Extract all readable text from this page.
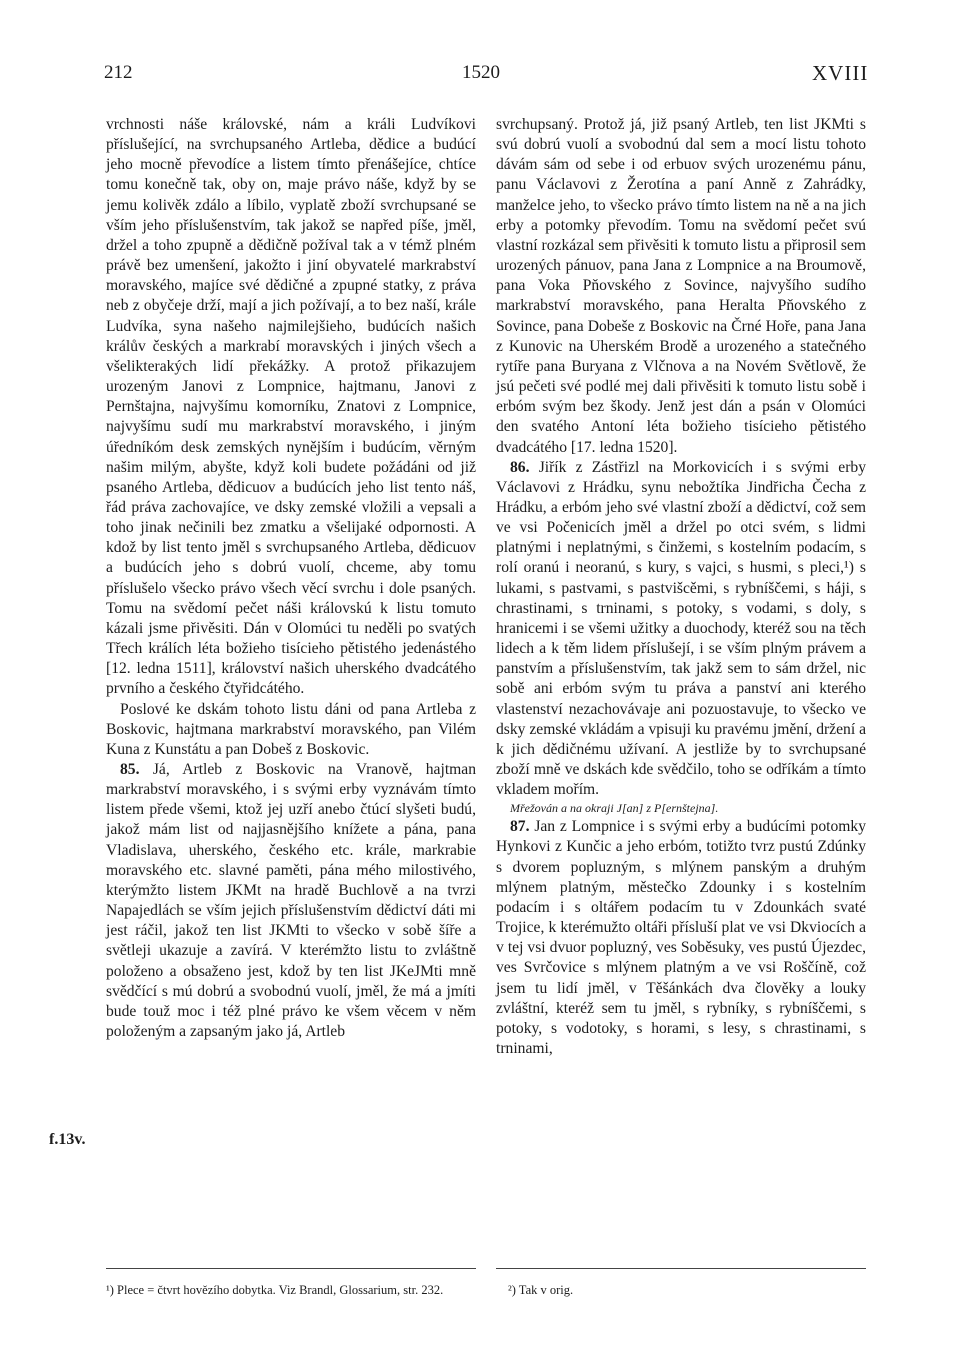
212	1520	XVIII

vrchnosti náše královské, nám a králi Ludvíkovi příslušející, na svrchupsaného Artleba, dědice a budúcí jeho mocně převodíce a listem tímto přenášejíce, chtíce tomu konečně tak, oby on, maje právo náše, když by se jemu kolivěk zdálo a líbilo, vyplatě zboží svrchupsané se vším jeho příslušenstvím, tak jakož se napřed píše, jměl, držel a toho zpupně a dědičně požíval tak a v témž plném právě bez umenšení, jakožto i jiní obyvatelé markrabství moravského, majíce své dědičné a zpupné statky, z práva neb z obyčeje drží, mají a jich požívají, a to bez naší, krále Ludvíka, syna našeho najmilejšieho, budúcích našich králův českých a markrabí moravských i jiných všech a všelikterakých lidí překážky. A protož přikazujem urozeným Janovi z Lompnice, hajtmanu, Janovi z Pernštajna, najvyšímu komorníku, Znatovi z Lompnice, najvyšímu sudí mu markrabství moravského, i jiným úředníkóm desk zemských nynějším i budúcím, věrným našim milým, abyšte, když koli budete požádáni od již psaného Artleba, dědicuov a budúcích jeho list tento náš, řád práva zachovajíce, ve dsky zemské vložili a vepsali a toho jinak nečinili bez zmatku a všelijaké odpornosti. A kdož by list tento jměl s svrchupsaného Artleba, dědicuov a budúcích jeho s dobrú vuolí, chceme, aby tomu příslušelo všecko právo všech věcí svrchu i dole psaných. Tomu na svědomí pečet náši královskú k listu tomuto kázali jsme přivěsiti. Dán v Olomúci tu neděli po svatých Třech králích léta božieho tisícieho pětistého jedenástého [12. ledna 1511], království našich uherského dvadcátého prvního a českého čtyřidcátého.

Poslové ke dskám tohoto listu dáni od pana Artleba z Boskovic, hajtmana markrabství moravského, pan Vilém Kuna z Kunstátu a pan Dobeš z Boskovic.

85. Já, Artleb z Boskovic na Vranově, hajtman markrabství moravského, i s svými erby vyznávám tímto listem přede všemi, ktož jej uzří anebo čtúcí slyšeti budú, jakož mám list od najjasnějšího knížete a pána, pana Vladislava, uherského, českého etc. krále, markrabie moravského etc. slavné paměti, pána mého milostivého, kterýmžto listem JKMt na hradě Buchlově a na tvrzi Napajedlách se vším jejich příslušenstvím dědictví dáti mi jest ráčil, jakož ten list JKMti to všecko v sobě šíře a světleji ukazuje a zavírá. V kterémžto listu to zvláštně položeno a obsaženo jest, kdož by ten list JKeJMti mně svědčící s mú dobrú a svobodnú vuolí, jměl, že má a jmíti bude touž moc i též plné právo ke všem věcem v něm položeným a zapsaným jako já, Artleb

f.13v.

svrchupsaný. Protož já, již psaný Artleb, ten list JKMti s svú dobrú vuolí a svobodnú dal sem a mocí listu tohoto dávám sám od sebe i od erbuov svých urozenému pánu, panu Václavovi z Žerotína a paní Anně z Zahrádky, manželce jeho, to všecko právo tímto listem na ně a na jich erby a potomky převodím. Tomu na svědomí pečet svú vlastní rozkázal sem přivěsiti k tomuto listu a připrosil sem urozených pánuov, pana Jana z Lompnice a na Broumově, pana Voka Pňovského z Sovince, najvyšího sudího markrabství moravského, pana Heralta Pňovského z Sovince, pana Dobeše z Boskovic na Črné Hoře, pana Jana z Kunovic na Uherském Brodě a urozeného a statečného rytíře pana Buryana z Vlčnova a na Novém Světlově, že jsú pečeti své podlé mej dali přivěsiti k tomuto listu sobě i erbóm svým bez škody. Jenž jest dán a psán v Olomúci den svatého Antoní léta božieho tisícieho pětistého dvadcátého [17. ledna 1520].

86. Jiřík z Zástřizl na Morkovicích i s svými erby Václavovi z Hrádku, synu nebožtíka Jindřicha Čecha z Hrádku, a erbóm jeho své vlastní zboží a dědictví, což sem ve vsi Počenicích jměl a držel po otci svém, s lidmi platnými i neplatnými, s činžemi, s kostelním podacím, s rolí oranú i neoranú, s kury, s vajci, s husmi, s pleci,¹) s lukami, s pastvami, s pastvišcěmi, s rybníščemi, s háji, s chrastinami, s trninami, s potoky, s vodami, s doly, s hranicemi i se všemi užitky a duochody, kteréž sou na těch lidech a k těm lidem příslušejí, i se vším plným právem a panstvím a příslušenstvím, tak jakž sem to sám držel, nic sobě ani erbóm svým tu práva a panství ani kterého vlastenství nezachovávaje ani pozuostavuje, to všecko ve dsky zemské vkládám a vpisuji ku pravému jmění, držení a k jich dědičnému užívaní. A jestliže by to svrchupsané zboží mně ve dskách kde svědčilo, toho se odříkám a tímto vkladem mořím.

Mřežován a na okraji J[an] z P[ernštejna].

87. Jan z Lompnice i s svými erby a budúcími potomky Hynkovi z Kunčic a jeho erbóm, totižto tvrz pustú Zdúnky s dvorem popluzným, s mlýnem panským a druhým mlýnem platným, městečko Zdounky i s kostelním podacím i s oltářem podacím tu v Zdounkách svaté Trojice, k kterémužto oltáři přísluší plat ve vsi Dkviocích a v tej vsi dvuor popluzný, ves Soběsuky, ves pustú Újezdec, ves Svrčovice s mlýnem platným a ve vsi Roščíně, což jsem tu lidí jměl, v Těšánkách dva člověky a louky zvláštní, kteréž sem tu jměl, s rybníky, s rybníščemi, s potoky, s vodotoky, s horami, s lesy, s chrastinami, s trninami,

¹) Plece = čtvrt hovězího dobytka. Viz Brandl, Glossarium, str. 232.	²) Tak v orig.
